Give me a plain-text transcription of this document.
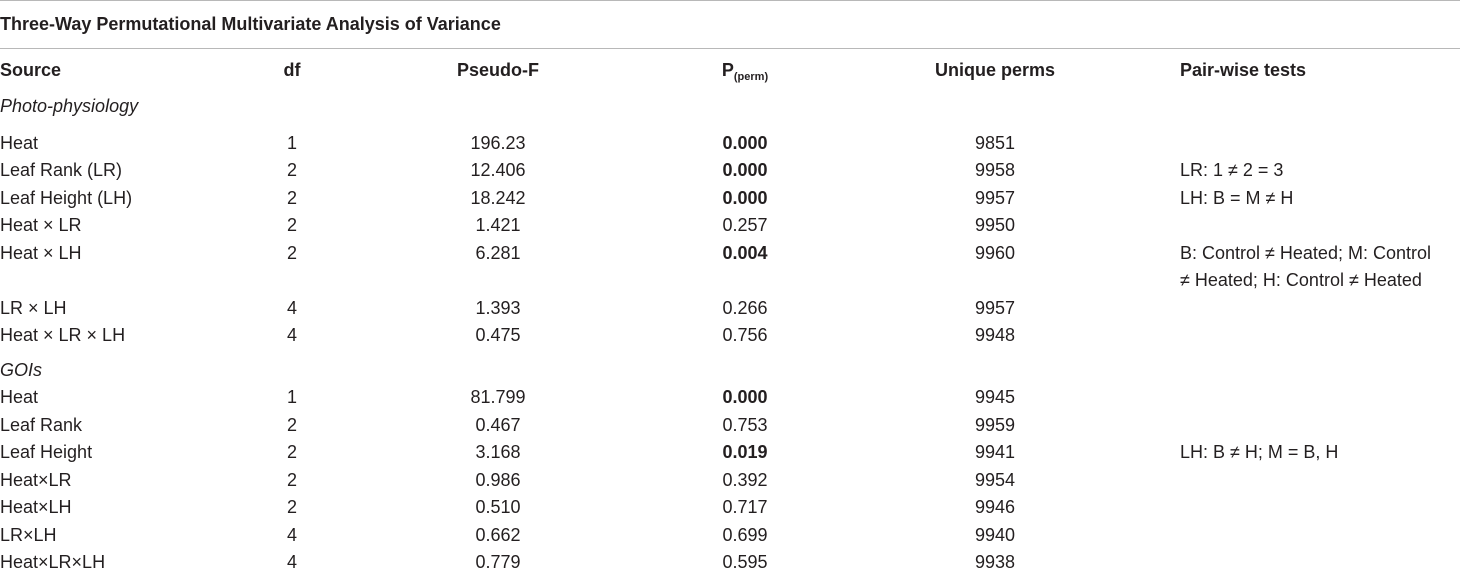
Three-Way Permutational Multivariate Analysis of Variance
Source	df	Pseudo-F	$P_{(perm)}$	Unique perms	Pair-wise tests
Photo-physiology
Heat	1	196.23	0.000	9851
Leaf Rank (LR)	2	12.406	0.000	9958	LR: 1 ≠ 2 = 3
Leaf Height (LH)	2	18.242	0.000	9957	LH: B = M ≠ H
Heat × LR	2	1.421	0.257	9950
Heat × LH	2	6.281	0.004	9960	B: Control ≠ Heated; M: Control
≠ Heated; H: Control ≠ Heated
LR × LH	4	1.393	0.266	9957
Heat × LR × LH	4	0.475	0.756	9948
GOIs
Heat	1	81.799	0.000	9945
Leaf Rank	2	0.467	0.753	9959
Leaf Height	2	3.168	0.019	9941	LH: B ≠ H; M = B, H
Heat×LR	2	0.986	0.392	9954
Heat×LH	2	0.510	0.717	9946
LR×LH	4	0.662	0.699	9940
Heat×LR×LH	4	0.779	0.595	9938
